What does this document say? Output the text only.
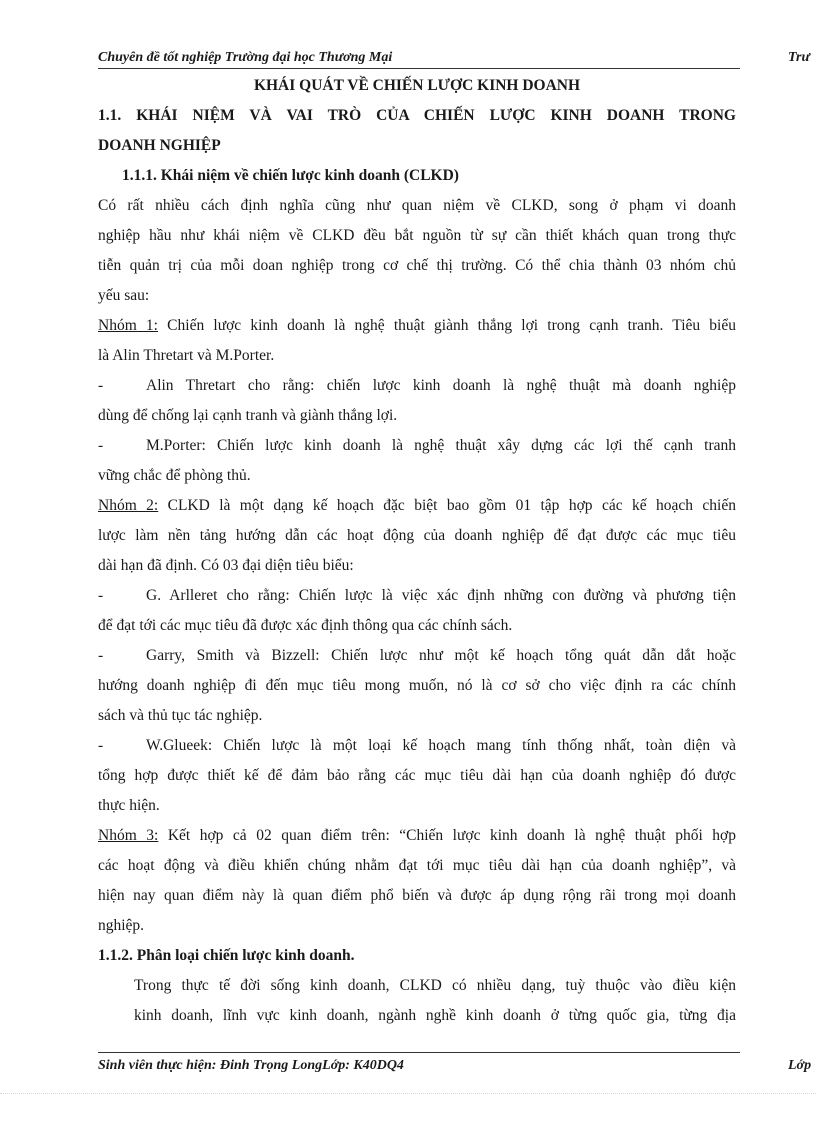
Chuyên đề tốt nghiệp Trường đại học Thương Mại	Trư
KHÁI QUÁT VỀ CHIẾN LƯỢC KINH DOANH
1.1. KHÁI NIỆM VÀ VAI TRÒ CỦA CHIẾN LƯỢC KINH DOANH TRONG
DOANH NGHIỆP
1.1.1. Khái niệm về chiến lược kinh doanh (CLKD)
Có rất nhiều cách định nghĩa cũng như quan niệm về CLKD, song ở phạm vi doanh
nghiệp hầu như khái niệm về CLKD đều bắt nguồn từ sự cần thiết khách quan trong thực
tiễn quản trị của mỗi doan nghiệp trong cơ chế thị trường. Có thể chia thành 03 nhóm chủ
yếu sau:
Nhóm 1: Chiến lược kinh doanh là nghệ thuật giành thắng lợi trong cạnh tranh. Tiêu biểu
là Alin Thretart và M.Porter.
-	Alin Thretart cho rằng: chiến lược kinh doanh là nghệ thuật mà doanh nghiệp
dùng để chống lại cạnh tranh và giành thắng lợi.
-	M.Porter: Chiến lược kinh doanh là nghệ thuật xây dựng các lợi thế cạnh tranh
vững chắc để phòng thủ.
Nhóm 2: CLKD là một dạng kế hoạch đặc biệt bao gồm 01 tập hợp các kế hoạch chiến
lược làm nền tảng hướng dẫn các hoạt động của doanh nghiệp để đạt được các mục tiêu
dài hạn đã định. Có 03 đại diện tiêu biểu:
-	G. Arlleret cho rằng: Chiến lược là việc xác định những con đường và phương tiện
để đạt tới các mục tiêu đã được xác định thông qua các chính sách.
-	Garry, Smith và Bizzell: Chiến lược như một kế hoạch tổng quát dẫn dắt hoặc
hướng doanh nghiệp đi đến mục tiêu mong muốn, nó là cơ sở cho việc định ra các chính
sách và thủ tục tác nghiệp.
-	W.Glueek: Chiến lược là một loại kế hoạch mang tính thống nhất, toàn diện và
tổng hợp được thiết kế để đảm bảo rằng các mục tiêu dài hạn của doanh nghiệp đó được
thực hiện.
Nhóm 3: Kết hợp cả 02 quan điểm trên: “Chiến lược kinh doanh là nghệ thuật phối hợp
các hoạt động và điều khiển chúng nhằm đạt tới mục tiêu dài hạn của doanh nghiệp”, và
hiện nay quan điểm này là quan điểm phổ biến và được áp dụng rộng rãi trong mọi doanh
nghiệp.
1.1.2. Phân loại chiến lược kinh doanh.
Trong thực tế đời sống kinh doanh, CLKD có nhiều dạng, tuỳ thuộc vào điều kiện
kinh doanh, lĩnh vực kinh doanh, ngành nghề kinh doanh ở từng quốc gia, từng địa
Sinh viên thực hiện: Đinh Trọng LongLớp: K40DQ4	Lớp
